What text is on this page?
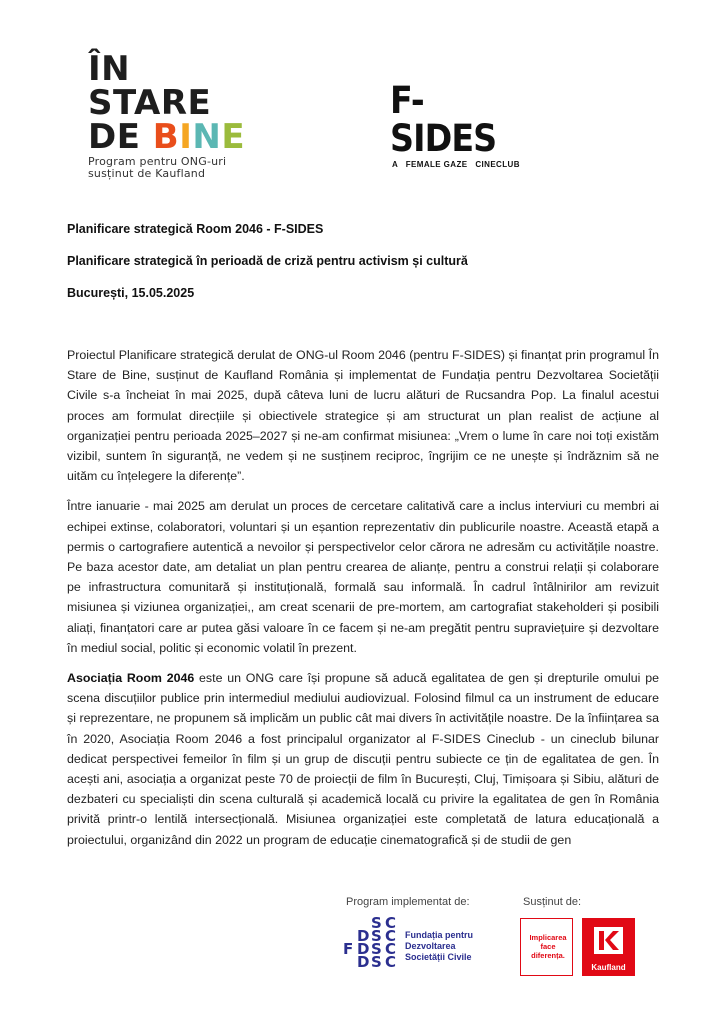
ÎN STARE
DE BINE
Program pentru ONG-uri
susținut de Kaufland
F-SIDES
A   FEMALE GAZE   CINECLUB
Planificare strategică Room 2046 - F-SIDES
Planificare strategică în perioadă de criză pentru activism și cultură
București, 15.05.2025

Proiectul Planificare strategică derulat de ONG-ul Room 2046 (pentru F-SIDES) și finanțat prin programul În Stare de Bine, susținut de Kaufland România și implementat de Fundația pentru Dezvoltarea Societății Civile s-a încheiat în mai 2025, după câteva luni de lucru alături de Rucsandra Pop. La finalul acestui proces am formulat direcțiile și obiectivele strategice și am structurat un plan realist de acțiune al organizației pentru perioada 2025–2027 și ne-am confirmat misiunea: „Vrem o lume în care noi toți existăm vizibil, suntem în siguranță, ne vedem și ne susținem reciproc, îngrijim ce ne unește și îndrăznim să ne uităm cu înțelegere la diferențe”.

Între ianuarie - mai 2025 am derulat un proces de cercetare calitativă care a inclus interviuri cu membri ai echipei extinse, colaboratori, voluntari și un eșantion reprezentativ din publicurile noastre. Această etapă a permis o cartografiere autentică a nevoilor și perspectivelor celor cărora ne adresăm cu activitățile noastre. Pe baza acestor date, am detaliat un plan pentru crearea de alianțe, pentru a construi relații și colaborare pe infrastructura comunitară și instituțională, formală sau informală. În cadrul întâlnirilor am revizuit misiunea și viziunea organizației,, am creat scenarii de pre-mortem, am cartografiat stakeholderi și posibili aliați, finanțatori care ar putea găsi valoare în ce facem și ne-am pregătit pentru supraviețuire și dezvoltare în mediul social, politic și economic volatil în prezent.

Asociația Room 2046 este un ONG care își propune să aducă egalitatea de gen și drepturile omului pe scena discuțiilor publice prin intermediul mediului audiovizual. Folosind filmul ca un instrument de educare și reprezentare, ne propunem să implicăm un public cât mai divers în activitățile noastre. De la înființarea sa în 2020, Asociația Room 2046 a fost principalul organizator al F-SIDES Cineclub - un cineclub bilunar dedicat perspectivei femeilor în film și un grup de discuții pentru subiecte ce țin de egalitatea de gen. În acești ani, asociația a organizat peste 70 de proiecții de film în București, Cluj, Timișoara și Sibiu, alături de dezbateri cu specialiști din scena culturală și academică locală cu privire la egalitatea de gen în România privită printr-o lentilă intersecțională. Misiunea organizației este completată de latura educațională a proiectului, organizând din 2022 un program de educație cinematografică și de studii de gen

Program implementat de:	Susținut de:
S C
D S C
F D S C
D S C
Fundația pentru
Dezvoltarea
Societății Civile
Implicarea
face
diferența.
Kaufland
